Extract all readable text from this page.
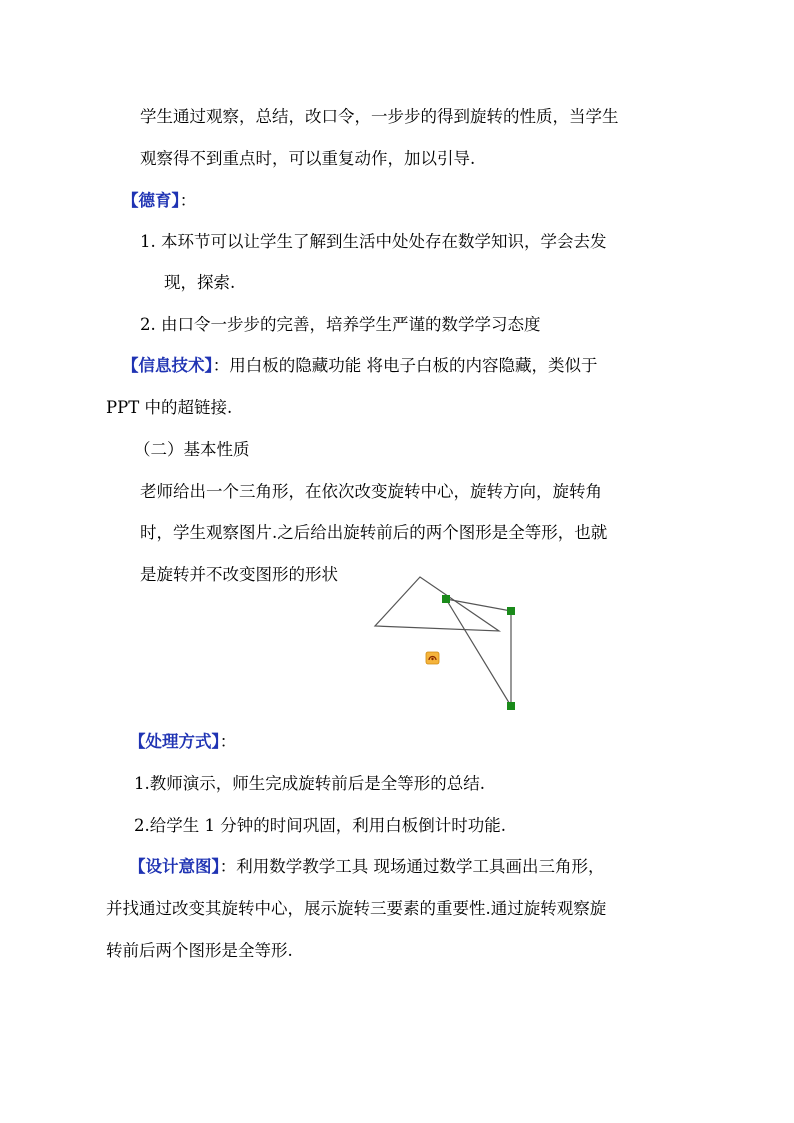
学生通过观察，总结，改口令，一步步的得到旋转的性质，当学生
观察得不到重点时，可以重复动作，加以引导.
【德育】：
1. 本环节可以让学生了解到生活中处处存在数学知识，学会去发
现，探索.
2. 由口令一步步的完善，培养学生严谨的数学学习态度
【信息技术】：用白板的隐藏功能 将电子白板的内容隐藏，类似于
PPT 中的超链接.
（二）基本性质
老师给出一个三角形，在依次改变旋转中心，旋转方向，旋转角
时，学生观察图片.之后给出旋转前后的两个图形是全等形，也就
是旋转并不改变图形的形状
【处理方式】：
1.教师演示，师生完成旋转前后是全等形的总结.
2.给学生 1 分钟的时间巩固，利用白板倒计时功能.
【设计意图】：利用数学教学工具 现场通过数学工具画出三角形，
并找通过改变其旋转中心，展示旋转三要素的重要性.通过旋转观察旋
转前后两个图形是全等形.
